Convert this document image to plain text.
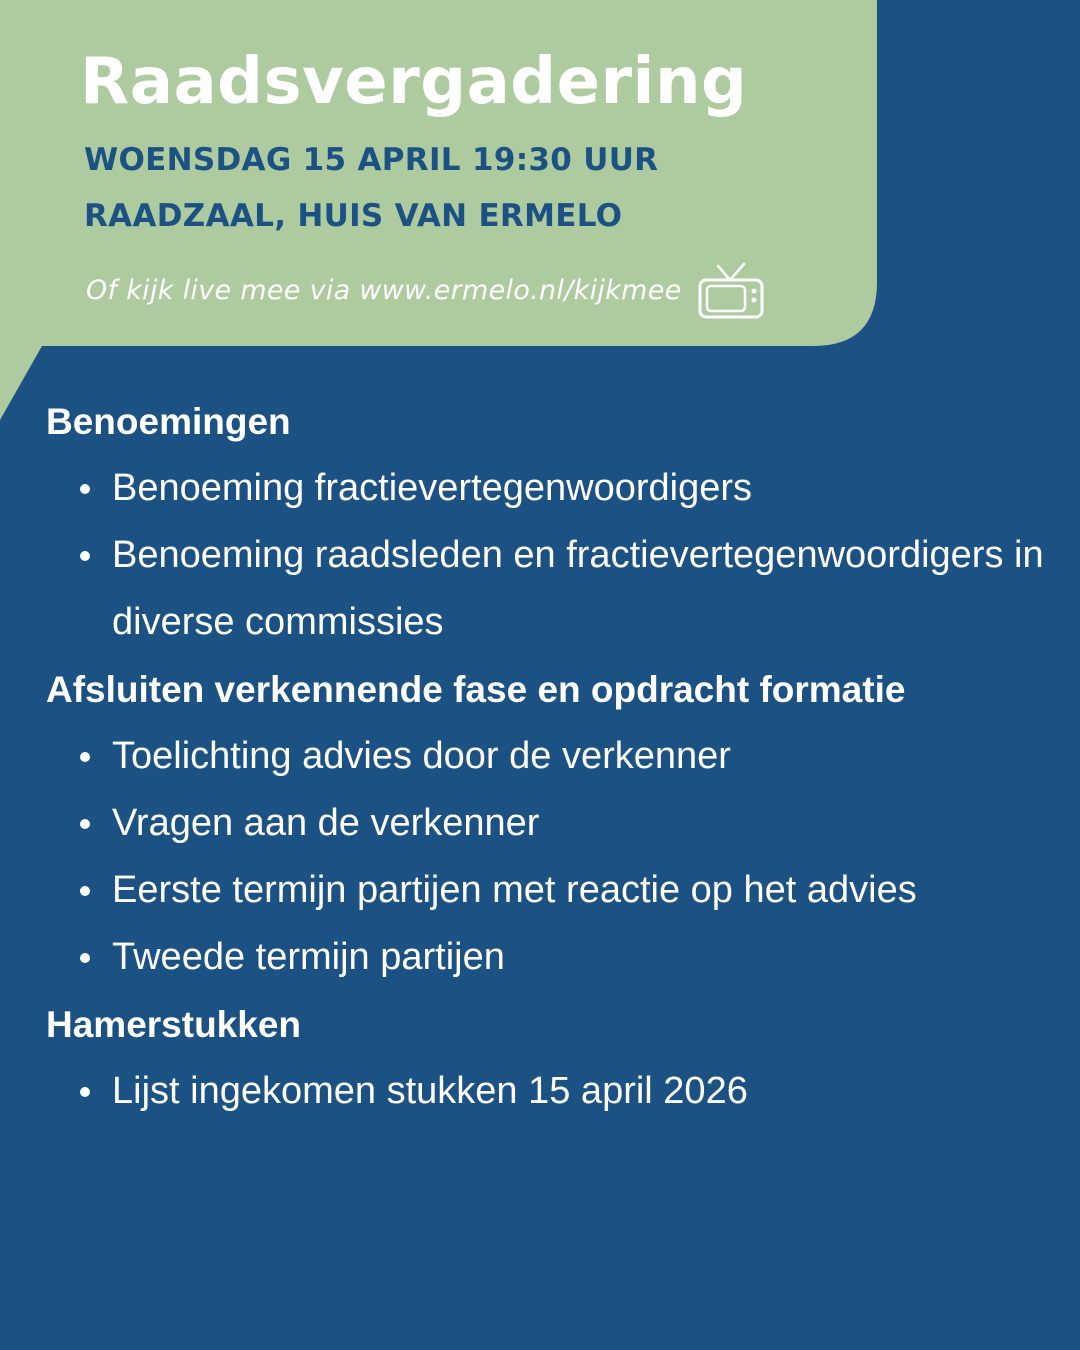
Raadsvergadering
WOENSDAG 15 APRIL 19:30 UUR
RAADZAAL, HUIS VAN ERMELO
Of kijk live mee via www.ermelo.nl/kijkmee
Benoemingen
Benoeming fractievertegenwoordigers
Benoeming raadsleden en fractievertegenwoordigers in diverse commissies
Afsluiten verkennende fase en opdracht formatie
Toelichting advies door de verkenner
Vragen aan de verkenner
Eerste termijn partijen met reactie op het advies
Tweede termijn partijen
Hamerstukken
Lijst ingekomen stukken 15 april 2026
